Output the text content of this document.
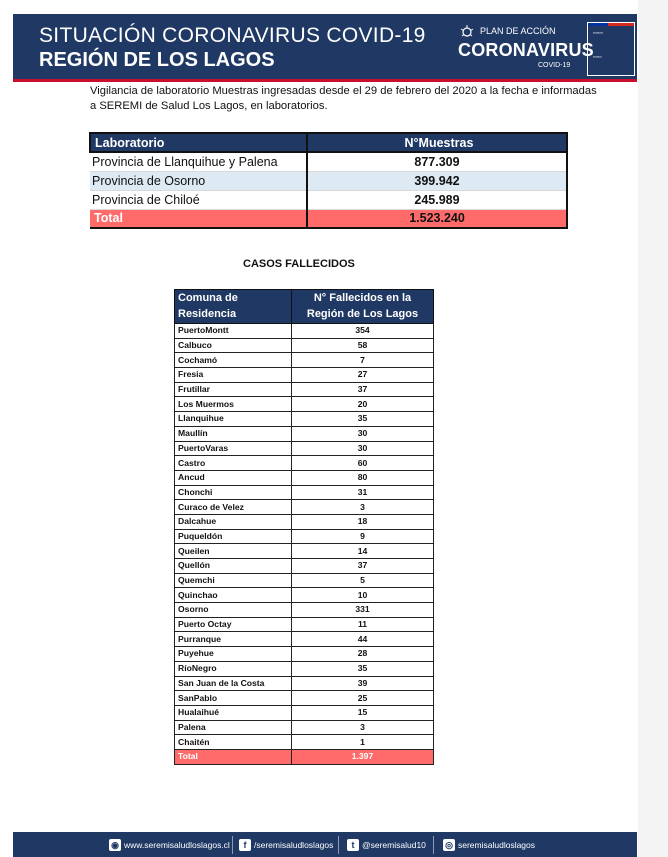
SITUACIÓN CORONAVIRUS COVID-19
REGIÓN DE LOS LAGOS
PLAN DE ACCIÓN
CORONAVIRUS
COVID-19
▪▪▪▪▪▪▪▪

▪▪▪▪▪▪▪

Vigilancia de laboratorio Muestras ingresadas desde el 29 de febrero del 2020 a la fecha e informadas a SEREMI de Salud Los Lagos, en laboratorios.

Laboratorio	N°Muestras
Provincia de Llanquihue y Palena	877.309
Provincia de Osorno	399.942
Provincia de Chiloé	245.989
Total	1.523.240
CASOS FALLECIDOS
Comuna de Residencia	N° Fallecidos en la Región de Los Lagos
PuertoMontt	354
Calbuco	58
Cochamó	7
Fresia	27
Frutillar	37
Los Muermos	20
Llanquihue	35
Maullín	30
PuertoVaras	30
Castro	60
Ancud	80
Chonchi	31
Curaco de Velez	3
Dalcahue	18
Puqueldón	9
Queilen	14
Quellón	37
Quemchi	5
Quinchao	10
Osorno	331
Puerto Octay	11
Purranque	44
Puyehue	28
RíoNegro	35
San Juan de la Costa	39
SanPablo	25
Hualaihué	15
Palena	3
Chaitén	1
Total	1.397
◉ www.seremisaludloslagos.cl	f /seremisaludloslagos	t @seremisalud10 ◎ seremisaludloslagos
